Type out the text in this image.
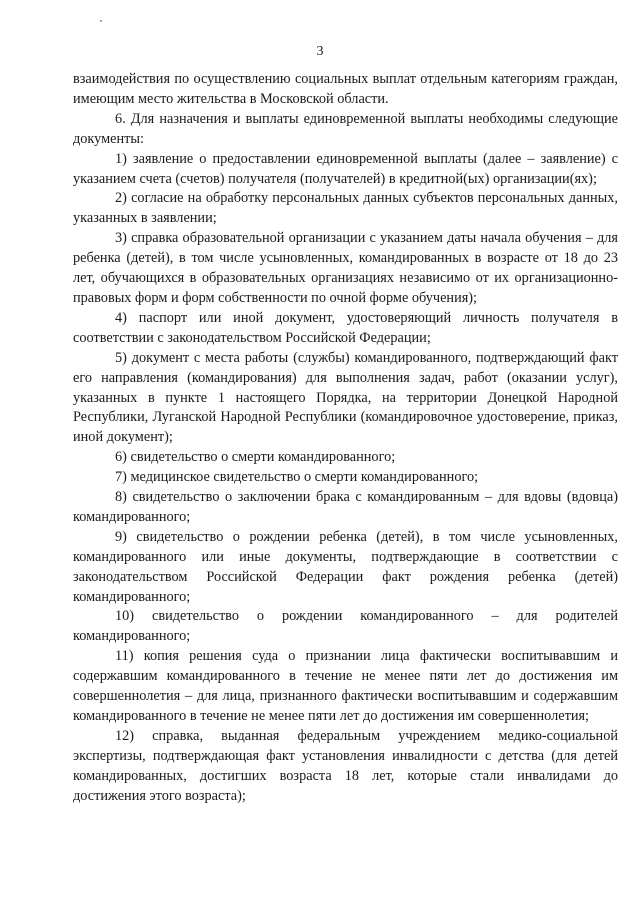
3

взаимодействия по осуществлению социальных выплат отдельным категориям граждан, имеющим место жительства в Московской области.

6. Для назначения и выплаты единовременной выплаты необходимы следующие документы:

1) заявление о предоставлении единовременной выплаты (далее – заявление) с указанием счета (счетов) получателя (получателей) в кредитной(ых) организации(ях);

2) согласие на обработку персональных данных субъектов персональных данных, указанных в заявлении;

3) справка образовательной организации с указанием даты начала обучения – для ребенка (детей), в том числе усыновленных, командированных в возрасте от 18 до 23 лет, обучающихся в образовательных организациях независимо от их организационно-правовых форм и форм собственности по очной форме обучения);

4) паспорт или иной документ, удостоверяющий личность получателя в соответствии с законодательством Российской Федерации;

5) документ с места работы (службы) командированного, подтверждающий факт его направления (командирования) для выполнения задач, работ (оказании услуг), указанных в пункте 1 настоящего Порядка, на территории Донецкой Народной Республики, Луганской Народной Республики (командировочное удостоверение, приказ, иной документ);

6) свидетельство о смерти командированного;

7) медицинское свидетельство о смерти командированного;

8) свидетельство о заключении брака с командированным – для вдовы (вдовца) командированного;

9) свидетельство о рождении ребенка (детей), в том числе усыновленных, командированного или иные документы, подтверждающие в соответствии с законодательством Российской Федерации факт рождения ребенка (детей) командированного;

10) свидетельство о рождении командированного – для родителей командированного;

11) копия решения суда о признании лица фактически воспитывавшим и содержавшим командированного в течение не менее пяти лет до достижения им совершеннолетия – для лица, признанного фактически воспитывавшим и содержавшим командированного в течение не менее пяти лет до достижения им совершеннолетия;

12) справка, выданная федеральным учреждением медико-социальной экспертизы, подтверждающая факт установления инвалидности с детства (для детей командированных, достигших возраста 18 лет, которые стали инвалидами до достижения этого возраста);
